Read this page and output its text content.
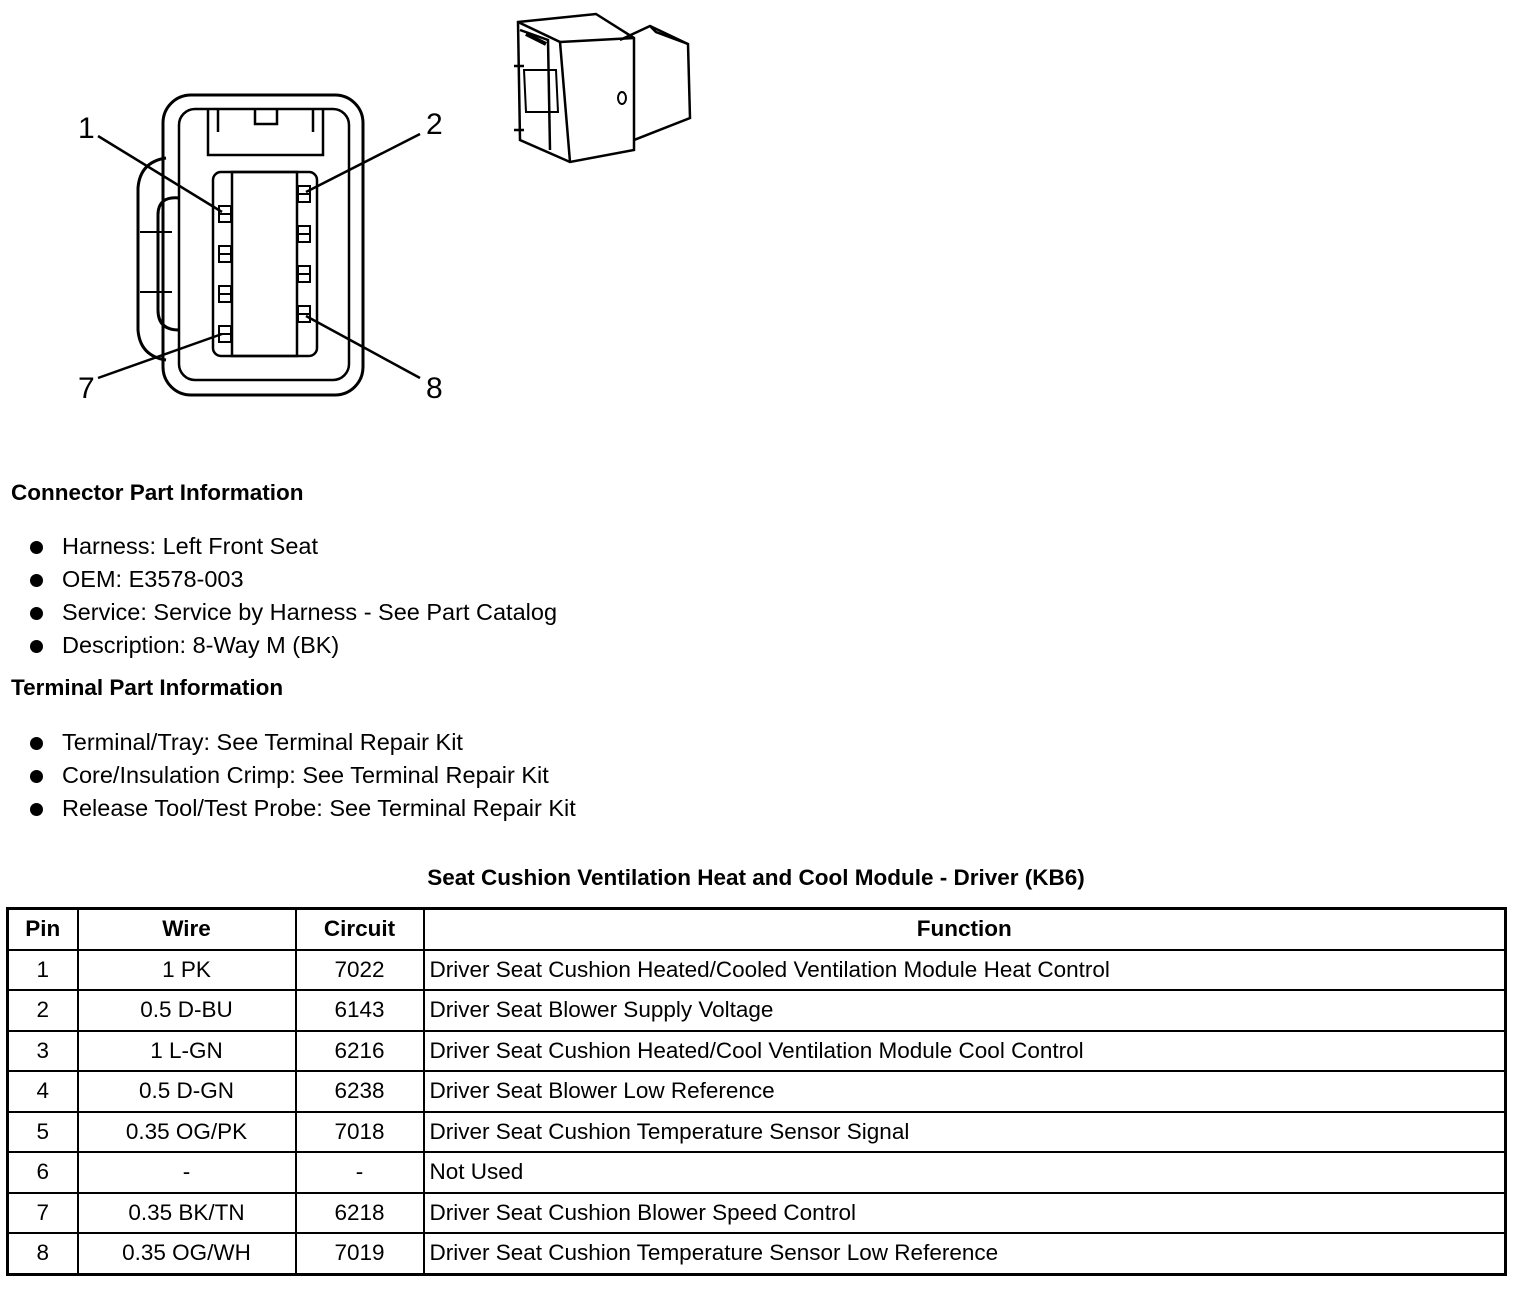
1	2
7	8
Connector Part Information
Harness: Left Front Seat
OEM: E3578-003
Service: Service by Harness - See Part Catalog
Description: 8-Way M (BK)
Terminal Part Information
Terminal/Tray: See Terminal Repair Kit
Core/Insulation Crimp: See Terminal Repair Kit
Release Tool/Test Probe: See Terminal Repair Kit
Seat Cushion Ventilation Heat and Cool Module - Driver (KB6)
Pin	Wire	Circuit	Function
1	1 PK	7022	Driver Seat Cushion Heated/Cooled Ventilation Module Heat Control
2	0.5 D-BU	6143	Driver Seat Blower Supply Voltage
3	1 L-GN	6216	Driver Seat Cushion Heated/Cool Ventilation Module Cool Control
4	0.5 D-GN	6238	Driver Seat Blower Low Reference
5	0.35 OG/PK	7018	Driver Seat Cushion Temperature Sensor Signal
6	-	-	Not Used
7	0.35 BK/TN	6218	Driver Seat Cushion Blower Speed Control
8	0.35 OG/WH	7019	Driver Seat Cushion Temperature Sensor Low Reference
